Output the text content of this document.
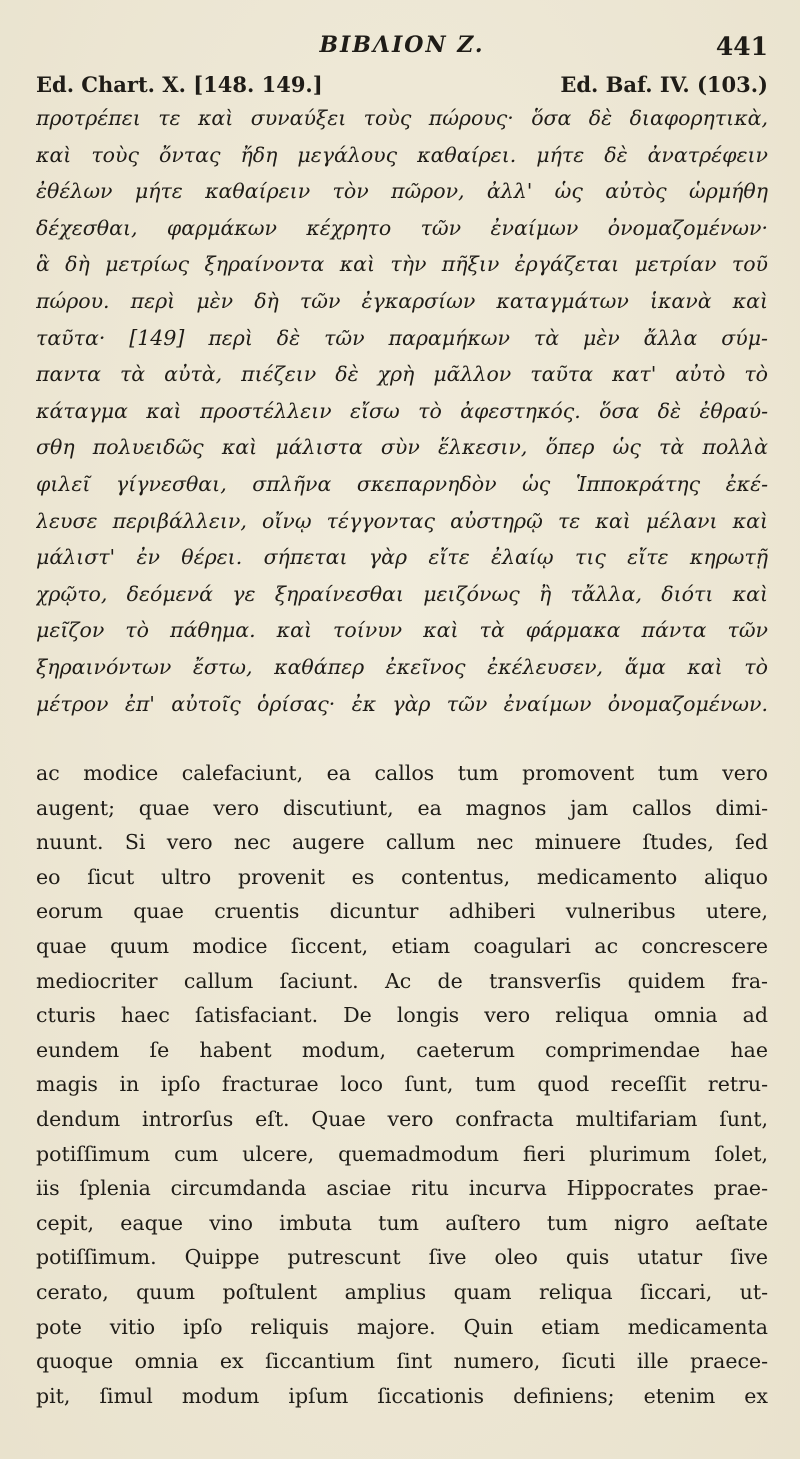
BIBΛIOΝ Z.	441
Ed. Chart. X. [148. 149.]	Ed. Baf. IV. (103.)
προτρέπει τε καὶ συναύξει τοὺς πώρους· ὅσα δὲ διαφορητικὰ,
καὶ τοὺς ὄντας ἤδη μεγάλους καθαίρει. μήτε δὲ ἀνατρέφειν
ἐθέλων μήτε καθαίρειν τὸν πῶρον, ἀλλ' ὡς αὐτὸς ὡρμήθη
δέχεσθαι, φαρμάκων κέχρητο τῶν ἐναίμων ὀνομαζομένων·
ἃ δὴ μετρίως ξηραίνοντα καὶ τὴν πῆξιν ἐργάζεται μετρίαν τοῦ
πώρου. περὶ μὲν δὴ τῶν ἐγκαρσίων καταγμάτων ἱκανὰ καὶ
ταῦτα· [149] περὶ δὲ τῶν παραμήκων τὰ μὲν ἄλλα σύμ-
παντα τὰ αὐτὰ, πιέζειν δὲ χρὴ μᾶλλον ταῦτα κατ' αὐτὸ τὸ
κάταγμα καὶ προστέλλειν εἴσω τὸ ἀφεστηκός. ὅσα δὲ ἐθραύ-
σθη πολυειδῶς καὶ μάλιστα σὺν ἕλκεσιν, ὅπερ ὡς τὰ πολλὰ
φιλεῖ γίγνεσθαι, σπλῆνα σκεπαρνηδὸν ὡς Ἱπποκράτης ἐκέ-
λευσε περιβάλλειν, οἴνῳ τέγγοντας αὐστηρῷ τε καὶ μέλανι καὶ
μάλιστ' ἐν θέρει. σήπεται γὰρ εἴτε ἐλαίῳ τις εἴτε κηρωτῇ
χρῷτο, δεόμενά γε ξηραίνεσθαι μειζόνως ἢ τἄλλα, διότι καὶ
μεῖζον τὸ πάθημα. καὶ τοίνυν καὶ τὰ φάρμακα πάντα τῶν
ξηραινόντων ἔστω, καθάπερ ἐκεῖνος ἐκέλευσεν, ἅμα καὶ τὸ
μέτρον ἐπ' αὐτοῖς ὁρίσας· ἐκ γὰρ τῶν ἐναίμων ὀνομαζομένων.
ac modice calefaciunt, ea callos tum promovent tum vero
augent; quae vero discutiunt, ea magnos jam callos dimi-
nuunt. Si vero nec augere callum nec minuere ſtudes, ſed
eo ſicut ultro provenit es contentus, medicamento aliquo
eorum quae cruentis dicuntur adhiberi vulneribus utere,
quae quum modice ſiccent, etiam coagulari ac concrescere
mediocriter callum ſaciunt. Ac de transverſis quidem fra-
cturis haec ſatisfaciant. De longis vero reliqua omnia ad
eundem ſe habent modum, caeterum comprimendae hae
magis in ipſo fracturae loco ſunt, tum quod receſſit retru-
dendum introrſus eſt. Quae vero confracta multifariam ſunt,
potiſſimum cum ulcere, quemadmodum fieri plurimum ſolet,
iis ſplenia circumdanda asciae ritu incurva Hippocrates prae-
cepit, eaque vino imbuta tum auſtero tum nigro aeſtate
potiſſimum. Quippe putrescunt ſive oleo quis utatur ſive
cerato, quum poſtulent amplius quam reliqua ſiccari, ut-
pote vitio ipſo reliquis majore. Quin etiam medicamenta
quoque omnia ex ſiccantium ſint numero, ſicuti ille praece-
pit, ſimul modum ipſum ſiccationis definiens; etenim ex
